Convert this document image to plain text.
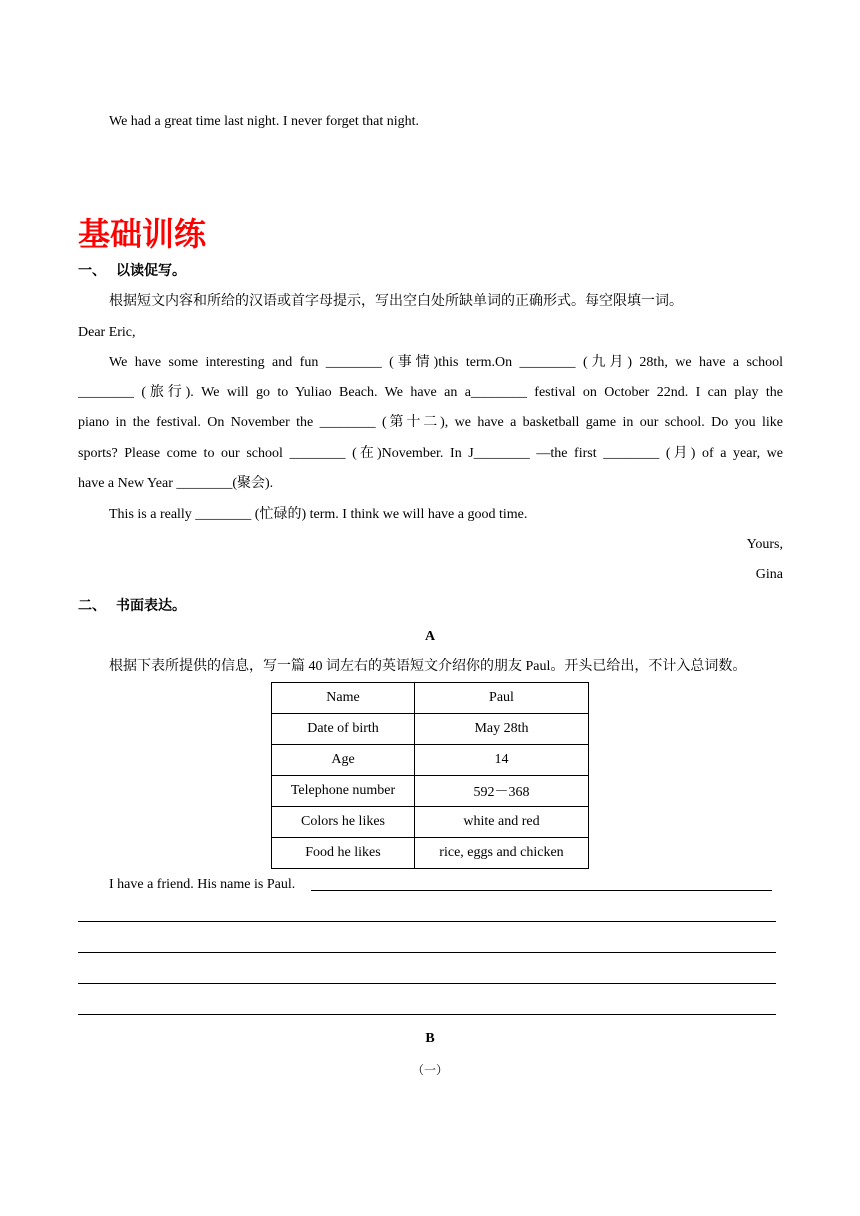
We had a great time last night. I never forget that night.
基础训练
一、 以读促写。
根据短文内容和所给的汉语或首字母提示，写出空白处所缺单词的正确形式。每空限填一词。
Dear Eric,
We have some interesting and fun ________ (事情)this term.On ________ (九月) 28th, we have a school
________ (旅行). We will go to Yuliao Beach. We have an a________ festival on October 22nd. I can play the
piano in the festival. On November the ________ (第十二), we have a basketball game in our school. Do you like
sports? Please come to our school ________ (在)November. In J________ —the first ________ (月) of a year, we
have a New Year ________(聚会).
This is a really ________ (忙碌的) term. I think we will have a good time.
Yours,
Gina
二、 书面表达。
A
根据下表所提供的信息，写一篇 40 词左右的英语短文介绍你的朋友 Paul。开头已给出，不计入总词数。
Name	Paul
Date of birth	May 28th
Age	14
Telephone number	592－368
Colors he likes	white and red
Food he likes	rice, eggs and chicken
I have a friend. His name is Paul.
B
（一）
